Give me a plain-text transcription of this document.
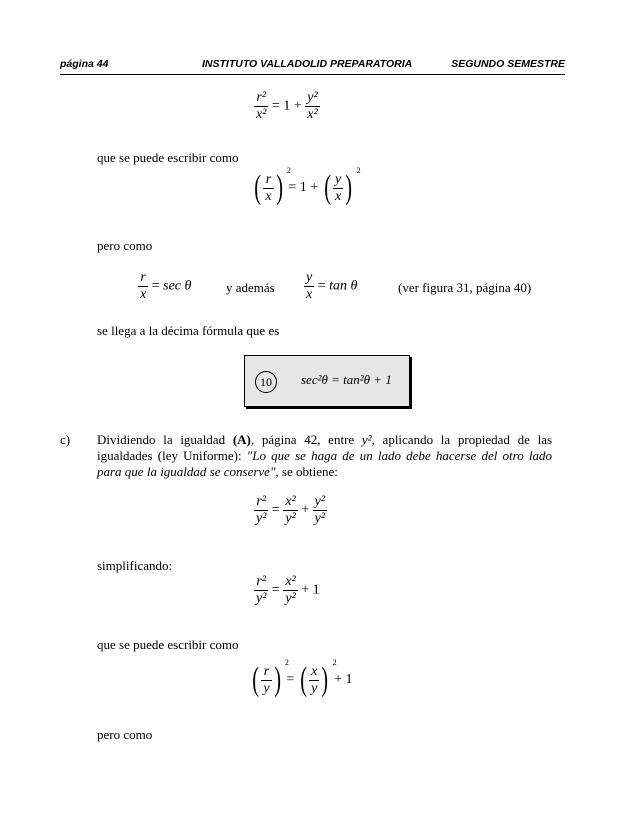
página 44	INSTITUTO VALLADOLID PREPARATORIA	SEGUNDO SEMESTRE
$\frac{\text{r²}}{\text{x²}} = 1 + \frac{\text{y²}}{\text{x²}}$
que se puede escribir como
( $\frac{r}{x}$ ) 2
= 1 + ( $\frac{y}{x}$ ) 2
pero como
$\frac{r}{x} = \sec \theta$	y además $\frac{y}{x} = \tan \theta$	(ver figura 31, página 40)
se llega a la décima fórmula que es
10	sec²θ = tan²θ + 1
c) Dividiendo la igualdad (A), página 42, entre y², aplicando la propiedad de las igualdades (ley Uniforme): "Lo que se haga de un lado debe hacerse del otro lado para que la igualdad se conserve", se obtiene:
$\frac{\text{r²}}{\text{y²}} = \frac{\text{x²}}{\text{y²}} + \frac{\text{y²}}{\text{y²}}$
simplificando:
$\frac{\text{r²}}{\text{y²}} = \frac{\text{x²}}{\text{y²}} + 1$
que se puede escribir como
( $\frac{r}{y}$ ) 2
= ( $\frac{x}{y}$ ) 2
+ 1
pero como
